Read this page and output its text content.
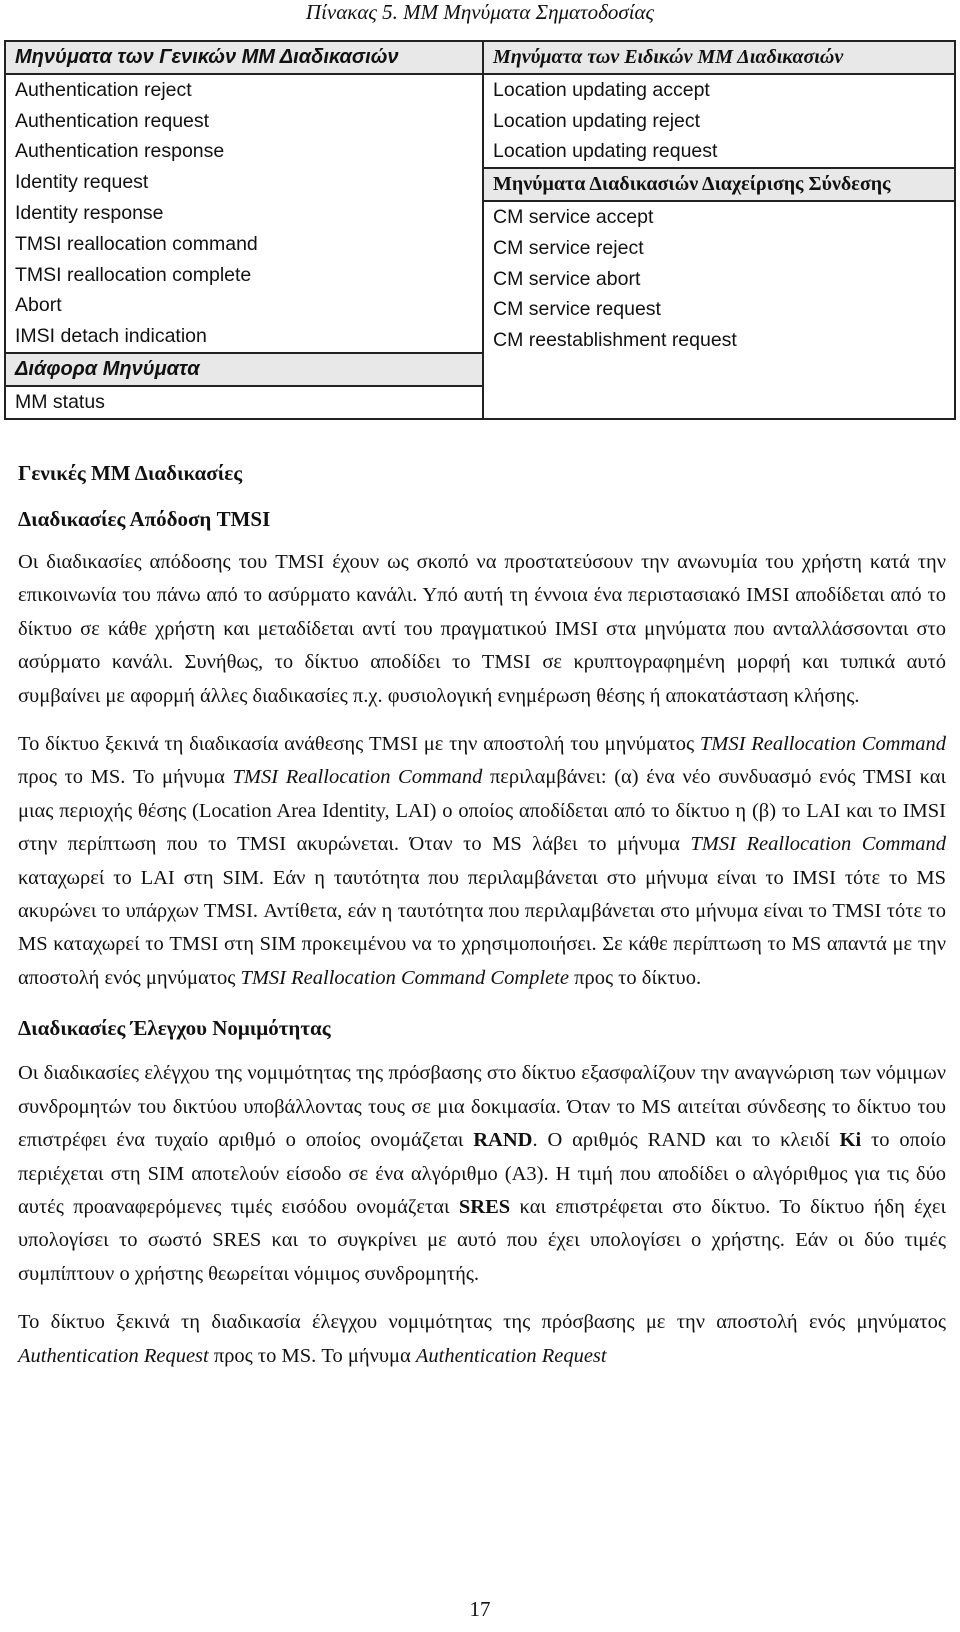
Πίνακας 5. ΜΜ Μηνύματα Σηματοδοσίας
Μηνύματα των Γενικών ΜΜ Διαδικασιών
Authentication reject
Authentication request
Authentication response
Identity request
Identity response
TMSI reallocation command
TMSI reallocation complete
Abort
IMSI detach indication
Διάφορα Μηνύματα
MM status

Μηνύματα των Ειδικών ΜΜ Διαδικασιών
Location updating accept
Location updating reject
Location updating request
Μηνύματα Διαδικασιών Διαχείρισης Σύνδεσης
CM service accept
CM service reject
CM service abort
CM service request
CM reestablishment request
Γενικές ΜΜ Διαδικασίες
Διαδικασίες Απόδοση TMSI

Οι διαδικασίες απόδοσης του TMSI έχουν ως σκοπό να προστατεύσουν την ανωνυμία του χρήστη κατά την επικοινωνία του πάνω από το ασύρματο κανάλι. Υπό αυτή τη έννοια ένα περιστασιακό IMSI αποδίδεται από το δίκτυο σε κάθε χρήστη και μεταδίδεται αντί του πραγματικού IMSI στα μηνύματα που ανταλλάσσονται στο ασύρματο κανάλι. Συνήθως, το δίκτυο αποδίδει το TMSI σε κρυπτογραφημένη μορφή και τυπικά αυτό συμβαίνει με αφορμή άλλες διαδικασίες π.χ. φυσιολογική ενημέρωση θέσης ή αποκατάσταση κλήσης.

Το δίκτυο ξεκινά τη διαδικασία ανάθεσης TMSI με την αποστολή του μηνύματος TMSI Reallocation Command προς το MS. Το μήνυμα TMSI Reallocation Command περιλαμβάνει: (α) ένα νέο συνδυασμό ενός TMSI και μιας περιοχής θέσης (Location Area Identity, LAI) ο οποίος αποδίδεται από το δίκτυο η (β) το LAI και το IMSI στην περίπτωση που το TMSI ακυρώνεται. Όταν το MS λάβει το μήνυμα TMSI Reallocation Command καταχωρεί το LAI στη SIM. Εάν η ταυτότητα που περιλαμβάνεται στο μήνυμα είναι το IMSI τότε το MS ακυρώνει το υπάρχων TMSI. Αντίθετα, εάν η ταυτότητα που περιλαμβάνεται στο μήνυμα είναι το TMSI τότε το MS καταχωρεί το TMSI στη SIM προκειμένου να το χρησιμοποιήσει. Σε κάθε περίπτωση το MS απαντά με την αποστολή ενός μηνύματος TMSI Reallocation Command Complete προς το δίκτυο.

Διαδικασίες Έλεγχου Νομιμότητας

Οι διαδικασίες ελέγχου της νομιμότητας της πρόσβασης στο δίκτυο εξασφαλίζουν την αναγνώριση των νόμιμων συνδρομητών του δικτύου υποβάλλοντας τους σε μια δοκιμασία. Όταν το MS αιτείται σύνδεσης το δίκτυο του επιστρέφει ένα τυχαίο αριθμό ο οποίος ονομάζεται RAND. Ο αριθμός RAND και το κλειδί Ki το οποίο περιέχεται στη SIM αποτελούν είσοδο σε ένα αλγόριθμο (A3). Η τιμή που αποδίδει ο αλγόριθμος για τις δύο αυτές προαναφερόμενες τιμές εισόδου ονομάζεται SRES και επιστρέφεται στο δίκτυο. Το δίκτυο ήδη έχει υπολογίσει το σωστό SRES και το συγκρίνει με αυτό που έχει υπολογίσει ο χρήστης. Εάν οι δύο τιμές συμπίπτουν ο χρήστης θεωρείται νόμιμος συνδρομητής.

Το δίκτυο ξεκινά τη διαδικασία έλεγχου νομιμότητας της πρόσβασης με την αποστολή ενός μηνύματος Authentication Request προς το MS. Το μήνυμα Authentication Request

17
